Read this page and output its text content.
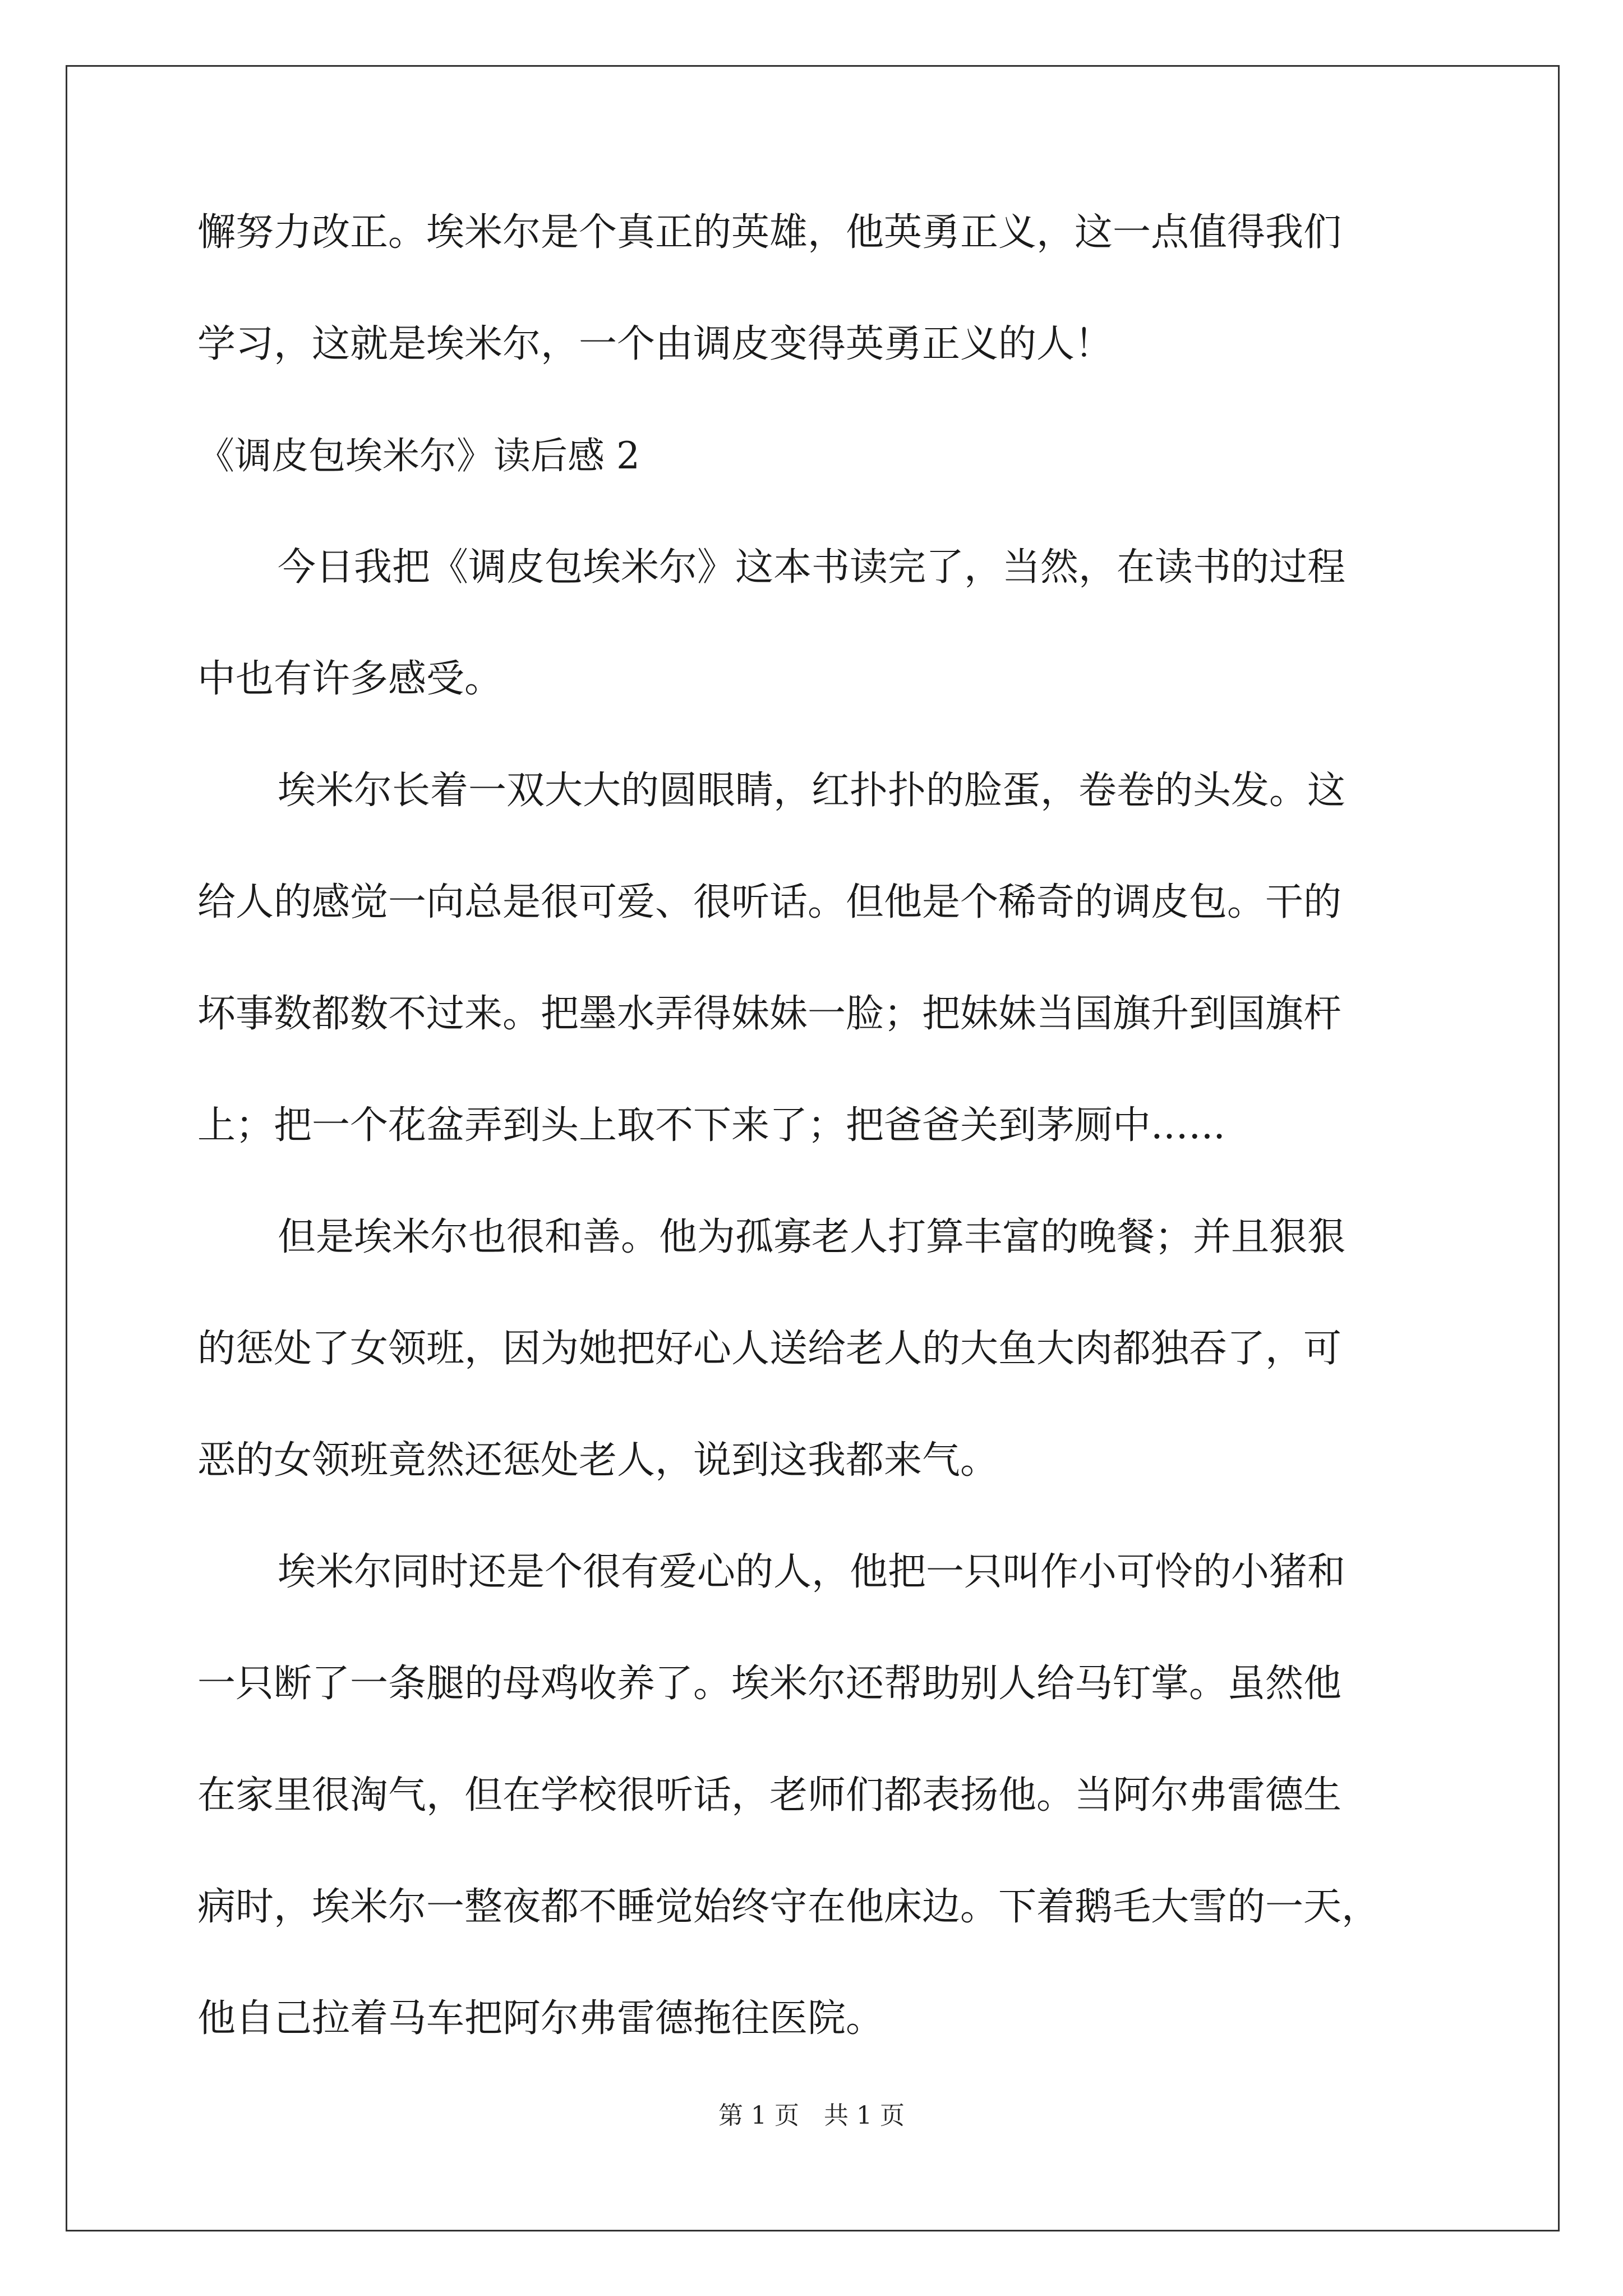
懈努力改正。埃米尔是个真正的英雄，他英勇正义，这一点值得我们

学习，这就是埃米尔，一个由调皮变得英勇正义的人！

《调皮包埃米尔》读后感 2

今日我把《调皮包埃米尔》这本书读完了，当然，在读书的过程

中也有许多感受。

埃米尔长着一双大大的圆眼睛，红扑扑的脸蛋，卷卷的头发。这

给人的感觉一向总是很可爱、很听话。但他是个稀奇的调皮包。干的

坏事数都数不过来。把墨水弄得妹妹一脸；把妹妹当国旗升到国旗杆

上；把一个花盆弄到头上取不下来了；把爸爸关到茅厕中.…..

但是埃米尔也很和善。他为孤寡老人打算丰富的晚餐；并且狠狠

的惩处了女领班，因为她把好心人送给老人的大鱼大肉都独吞了，可

恶的女领班竟然还惩处老人，说到这我都来气。

埃米尔同时还是个很有爱心的人，他把一只叫作小可怜的小猪和

一只断了一条腿的母鸡收养了。埃米尔还帮助别人给马钉掌。虽然他

在家里很淘气，但在学校很听话，老师们都表扬他。当阿尔弗雷德生

病时，埃米尔一整夜都不睡觉始终守在他床边。下着鹅毛大雪的一天，

他自己拉着马车把阿尔弗雷德拖往医院。

第 1 页　共 1 页
